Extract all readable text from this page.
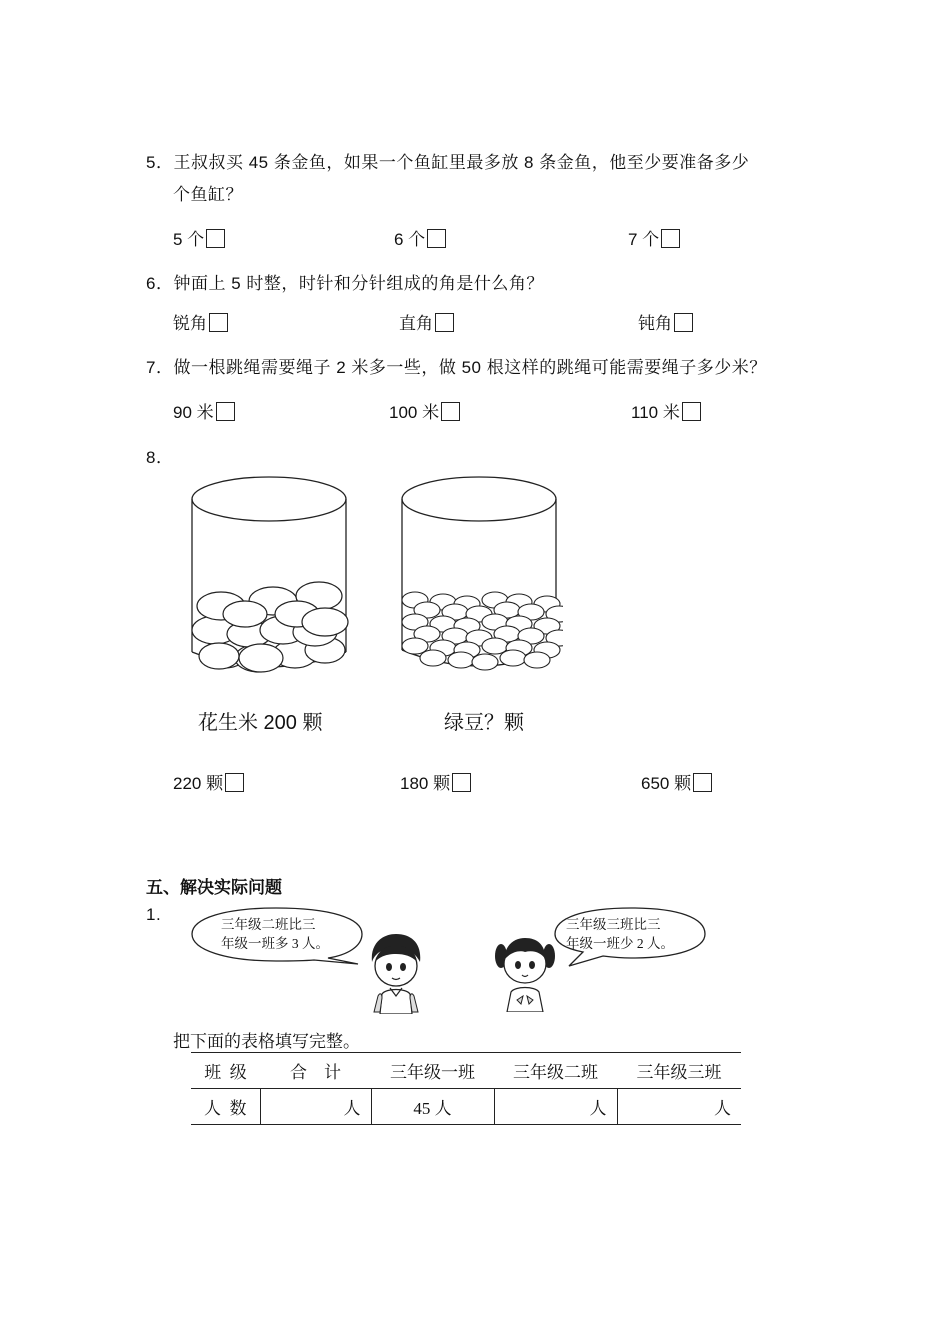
5．王叔叔买 45 条金鱼，如果一个鱼缸里最多放 8 条金鱼，他至少要准备多少
个鱼缸？
5 个	6 个	7 个
6．钟面上 5 时整，时针和分针组成的角是什么角？
锐角	直角	钝角
7．做一根跳绳需要绳子 2 米多一些，做 50 根这样的跳绳可能需要绳子多少米？
90 米	100 米	110 米
8．
花生米 200 颗	绿豆？颗
220 颗	180 颗	650 颗
五、解决实际问题
1.
三年级二班比三
年级一班多 3 人。
三年级三班比三
年级一班少 2 人。
把下面的表格填写完整。
班  级	合    计	三年级一班	三年级二班	三年级三班
人  数	人	45 人	人	人
